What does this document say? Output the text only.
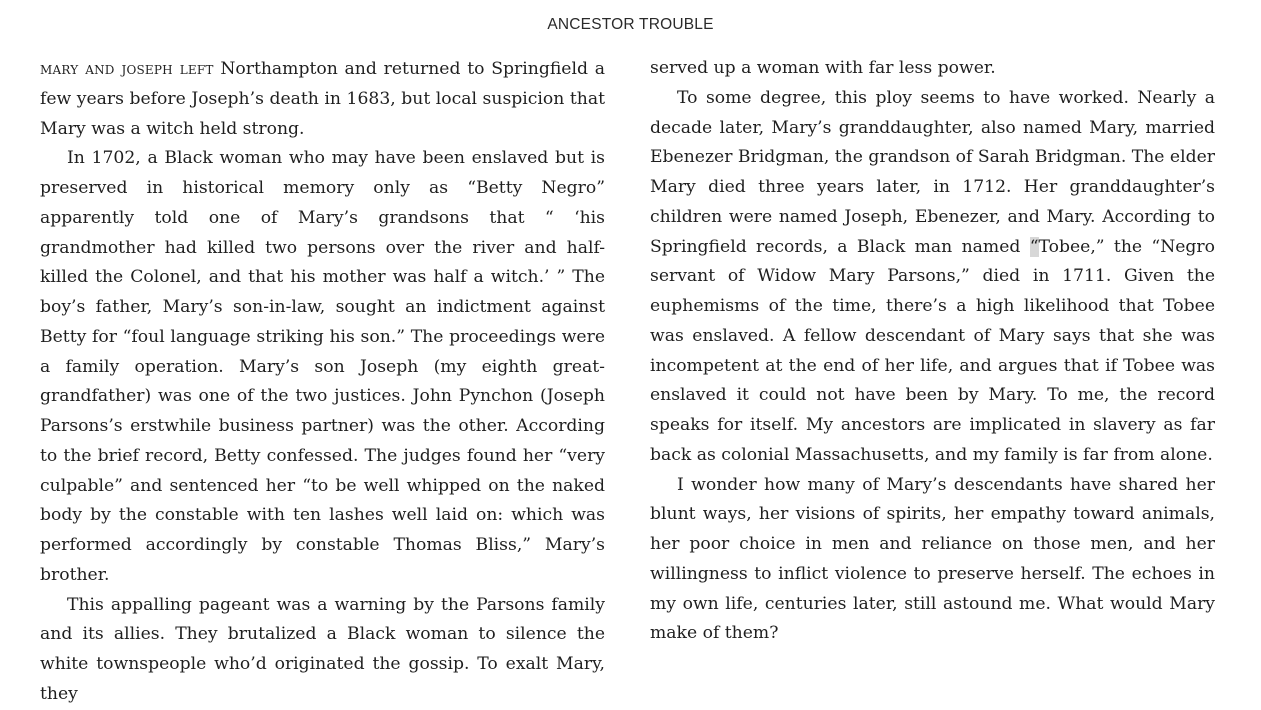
ANCESTOR TROUBLE

mary and joseph left Northampton and returned to Springfield a few years before Joseph’s death in 1683, but local suspicion that Mary was a witch held strong.

In 1702, a Black woman who may have been enslaved but is preserved in historical memory only as “Betty Negro” apparently told one of Mary’s grandsons that “ ‘his grandmother had killed two persons over the river and half-killed the Colonel, and that his mother was half a witch.’ ” The boy’s father, Mary’s son-in-law, sought an indictment against Betty for “foul language striking his son.” The proceedings were a family operation. Mary’s son Joseph (my eighth great-grandfather) was one of the two justices. John Pynchon (Joseph Parsons’s erstwhile business partner) was the other. According to the brief record, Betty confessed. The judges found her “very culpable” and sentenced her “to be well whipped on the naked body by the constable with ten lashes well laid on: which was performed accordingly by constable Thomas Bliss,” Mary’s brother.

This appalling pageant was a warning by the Parsons family and its allies. They brutalized a Black woman to silence the white townspeople who’d originated the gossip. To exalt Mary, they

served up a woman with far less power.

To some degree, this ploy seems to have worked. Nearly a decade later, Mary’s granddaughter, also named Mary, married Ebenezer Bridgman, the grandson of Sarah Bridgman. The elder Mary died three years later, in 1712. Her granddaughter’s children were named Joseph, Ebenezer, and Mary. According to Springfield records, a Black man named “Tobee,” the “Negro servant of Widow Mary Parsons,” died in 1711. Given the euphemisms of the time, there’s a high likelihood that Tobee was enslaved. A fellow descendant of Mary says that she was incompetent at the end of her life, and argues that if Tobee was enslaved it could not have been by Mary. To me, the record speaks for itself. My ancestors are implicated in slavery as far back as colonial Massachusetts, and my family is far from alone.

I wonder how many of Mary’s descendants have shared her blunt ways, her visions of spirits, her empathy toward animals, her poor choice in men and reliance on those men, and her willingness to inflict violence to preserve herself. The echoes in my own life, centuries later, still astound me. What would Mary make of them?
